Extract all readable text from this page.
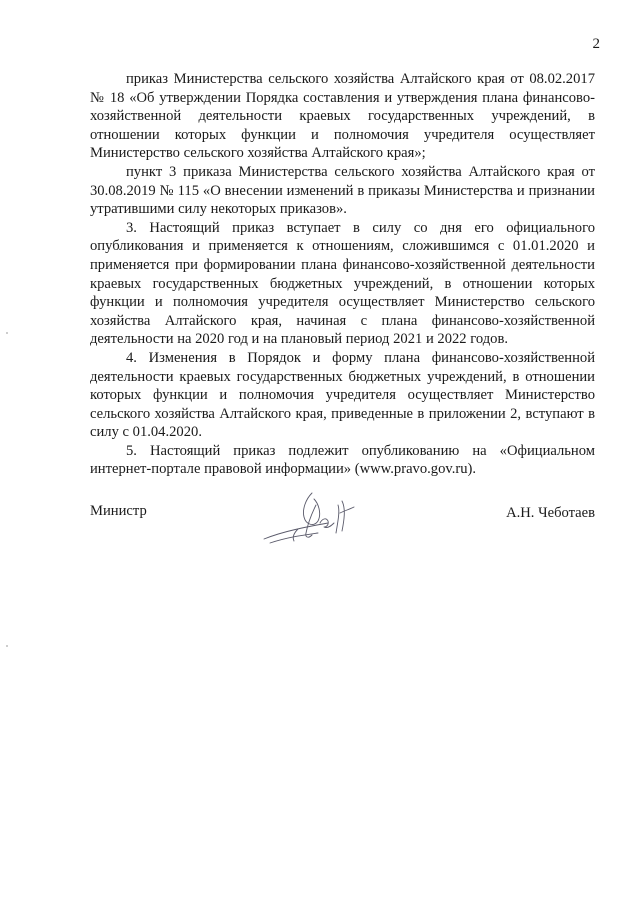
2

приказ Министерства сельского хозяйства Алтайского края от 08.02.2017 № 18 «Об утверждении Порядка составления и утверждения плана финансово-хозяйственной деятельности краевых государственных учреждений, в отношении которых функции и полномочия учредителя осуществляет Министерство сельского хозяйства Алтайского края»;

пункт 3 приказа Министерства сельского хозяйства Алтайского края от 30.08.2019 № 115 «О внесении изменений в приказы Министерства и признании утратившими силу некоторых приказов».

3. Настоящий приказ вступает в силу со дня его официального опубликования и применяется к отношениям, сложившимся с 01.01.2020 и применяется при формировании плана финансово-хозяйственной деятельности краевых государственных бюджетных учреждений, в отношении которых функции и полномочия учредителя осуществляет Министерство сельского хозяйства Алтайского края, начиная с плана финансово-хозяйственной деятельности на 2020 год и на плановый период 2021 и 2022 годов.

4. Изменения в Порядок и форму плана финансово-хозяйственной деятельности краевых государственных бюджетных учреждений, в отношении которых функции и полномочия учредителя осуществляет Министерство сельского хозяйства Алтайского края, приведенные в приложении 2, вступают в силу с 01.04.2020.

5. Настоящий приказ подлежит опубликованию на «Официальном интернет-портале правовой информации» (www.pravo.gov.ru).

Министр	А.Н. Чеботаев
